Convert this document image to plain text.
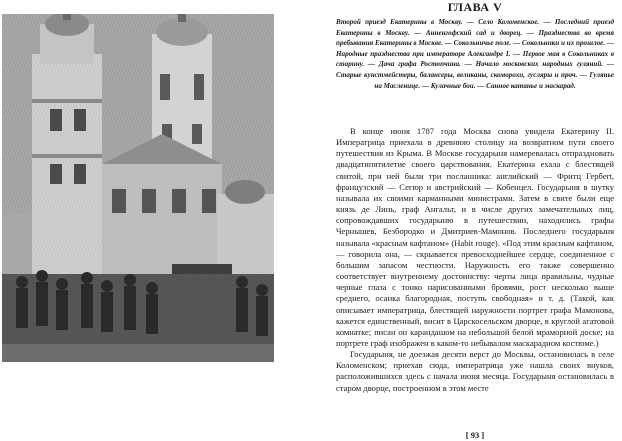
ГЛАВА V
Второй приезд Екатерины в Москву. — Село Коломенское. — Последний приезд Екатерины в Москву. — Анненгофский сад и дворец. — Празднества во время пребывания Екатерины в Москве. — Сокольничье поле. — Сокольники и их прошлое. — Народные празднества при императоре Александре I. — Первое мая в Сокольниках в старину. — Дача графа Ростопчина. — Начало московских народных гуляний. — Старые кунстмейстеры, балансеры, великаны, скоморохи, гусляры и проч. — Гулянье на Масленице. — Кулачные бои. — Санное катанье и маскарад.

В конце июня 1787 года Москва снова увидела Екатерину II. Императрица приехала в древнюю столицу на возвратном пути своего путешествия из Крыма. В Москве государыня намеревалась отпраздновать двадцатипятилетие своего царствования. Екатерина ехала с блестящей свитой, при ней были три посланника: английский — Фритц Гербert, французский — Сегюр и австрийский — Кобенцел. Государыня в шутку называла их своими карманными министрами. Затем в свите были еще князь де Линь, граф Ангальт, и в числе других замечательных лиц, сопровождавших государыню в путешествии, находились графы Чернышев, Безбородко и Дмитриев-Мамонов. Последнего государыня называла «красным кафтаном» (Habit rouge). «Под этим красным кафтаном, — говорила она, — скрывается превосходнейшее сердце, соединенное с большим запасом честности. Наружность его также совершенно соответствует внутреннему достоинству: черты лица правильны, чудные черные глаза с тонко нарисованными бровями, рост несколько выше среднего, осанка благородная, поступь свободная» и т. д. (Такой, как описывает императрица, блестящей наружности портрет графа Мамонова, кажется единственный, висит в Царскосельском дворце, в круглой агатовой комнатке; писан он карандашом на небольшой белой мраморной доске; на портрете граф изображен в каком-то небывалом маскарадном костюме.)

Государыня, не доезжая десяти верст до Москвы, остановилась в селе Коломенском; приехав сюда, императрица уже нашла своих внуков, расположившихся здесь с начала июня месяца. Государыня остановилась в старом дворце, построенном в этом месте

[ 93 ]
